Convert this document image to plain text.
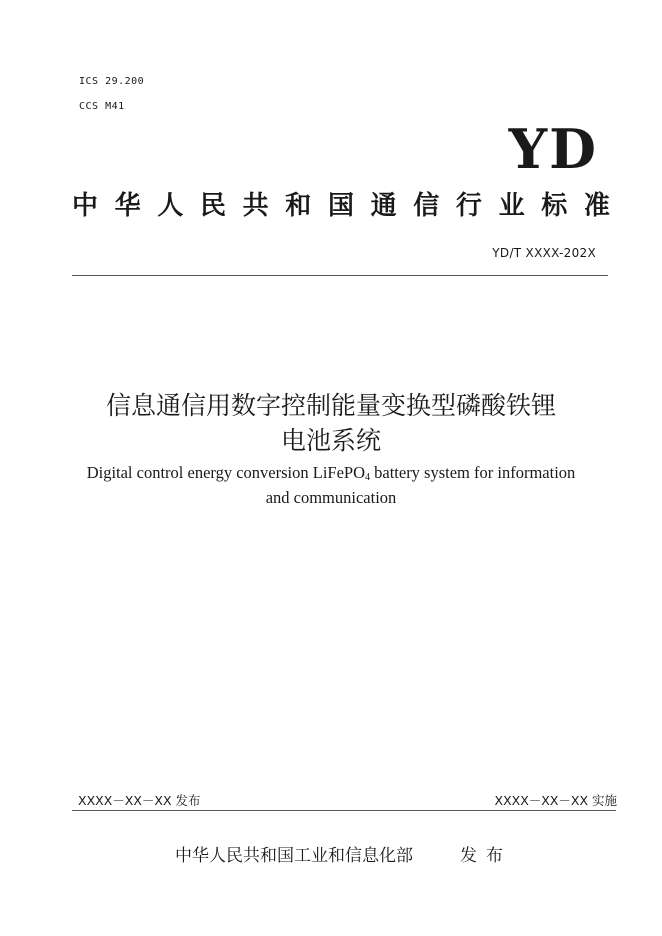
ICS 29.200
CCS M41
YD
中 华 人 民 共 和 国 通 信 行 业 标 准
YD/T XXXX-202X
信息通信用数字控制能量变换型磷酸铁锂
电池系统
Digital control energy conversion LiFePO$_4$ battery system for information
and communication
XXXX－XX－XX 发布	XXXX－XX－XX 实施
中华人民共和国工业和信息化部	发布
